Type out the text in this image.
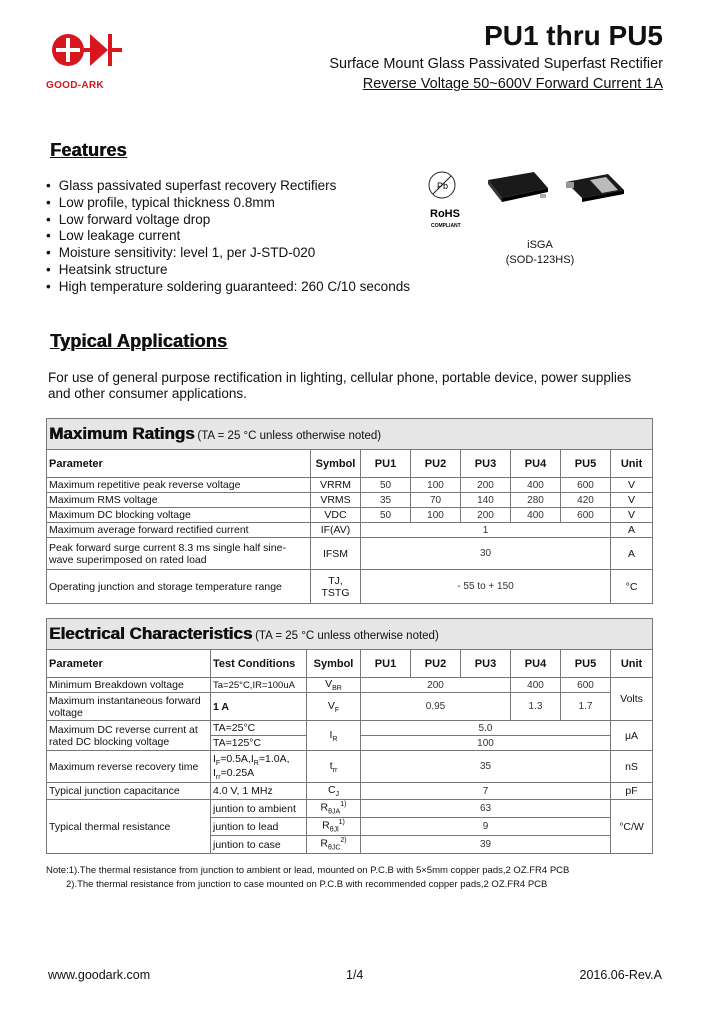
GOOD-ARK
PU1 thru PU5
Surface Mount Glass Passivated Superfast Rectifier
Reverse Voltage 50~600V Forward Current 1A
Features
• Glass passivated superfast recovery Rectifiers
• Low profile, typical thickness 0.8mm
• Low forward voltage drop
• Low leakage current
• Moisture sensitivity: level 1, per J-STD-020
• Heatsink structure
• High temperature soldering guaranteed: 260 C/10 seconds
Pb
RoHS
COMPLIANT
iSGA
(SOD-123HS)
Typical Applications
For use of general purpose rectification in lighting, cellular phone, portable device, power supplies and other consumer applications.
Maximum Ratings (TA = 25 °C unless otherwise noted)							
Parameter	Symbol	PU1	PU2	PU3	PU4	PU5	Unit
Maximum repetitive peak reverse voltage	VRRM	50	100	200	400	600	V
Maximum RMS voltage	VRMS	35	70	140	280	420	V
Maximum DC blocking voltage	VDC	50	100	200	400	600	V
Maximum average forward rectified current	IF(AV)	1					A
Peak forward surge current 8.3 ms single half sine-wave superimposed on rated load	IFSM	30					A
Operating junction and storage temperature range	TJ, TSTG	- 55 to + 150					°C
Electrical Characteristics (TA = 25 °C unless otherwise noted)								
Parameter	Test Conditions	Symbol	PU1	PU2	PU3	PU4	PU5	Unit
Minimum Breakdown voltage	Ta=25°C,IR=100uA	$V_{BR}$	200			400	600	Volts
Maximum instantaneous forward voltage	1 A	$V_F$	0.95			1.3	1.7	
Maximum DC reverse current at rated DC blocking voltage	TA=25°C	$I_R$	5.0					μA
	TA=125°C		100					
Maximum reverse recovery time	$I_F=0.5A,I_R=1.0A$,
$I_{rr}=0.25A$	$t_{rr}$	35					nS
Typical junction capacitance	4.0 V, 1 MHz	$C_J$	7					pF
Typical thermal resistance	juntion to ambient	$R_{\theta JA}^{1)}$	63					°C/W
	juntion to lead	$R_{\theta Jl}^{1)}$	9					
	juntion to case	$R_{\theta JC}^{2)}$	39					
Note:1).The thermal resistance from junction to ambient or lead, mounted on P.C.B with 5×5mm copper pads,2 OZ.FR4 PCB
2).The thermal resistance from junction to case mounted on P.C.B with recommended copper pads,2 OZ.FR4 PCB
www.goodark.com	1/4	2016.06-Rev.A
